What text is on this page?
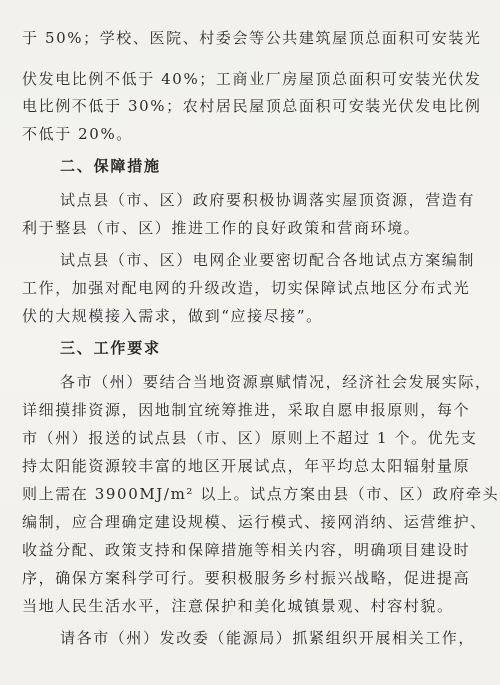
于 50%；学校、医院、村委会等公共建筑屋顶总面积可安装光
伏发电比例不低于 40%；工商业厂房屋顶总面积可安装光伏发
电比例不低于 30%；农村居民屋顶总面积可安装光伏发电比例
不低于 20%。
二、保障措施
试点县（市、区）政府要积极协调落实屋顶资源，营造有
利于整县（市、区）推进工作的良好政策和营商环境。
试点县（市、区）电网企业要密切配合各地试点方案编制
工作，加强对配电网的升级改造，切实保障试点地区分布式光
伏的大规模接入需求，做到“应接尽接”。
三、工作要求
各市（州）要结合当地资源禀赋情况，经济社会发展实际，
详细摸排资源，因地制宜统筹推进，采取自愿申报原则，每个
市（州）报送的试点县（市、区）原则上不超过 1 个。优先支
持太阳能资源较丰富的地区开展试点，年平均总太阳辐射量原
则上需在 3900MJ/m² 以上。试点方案由县（市、区）政府牵头
编制，应合理确定建设规模、运行模式、接网消纳、运营维护、
收益分配、政策支持和保障措施等相关内容，明确项目建设时
序，确保方案科学可行。要积极服务乡村振兴战略，促进提高
当地人民生活水平，注意保护和美化城镇景观、村容村貌。
请各市（州）发改委（能源局）抓紧组织开展相关工作，
